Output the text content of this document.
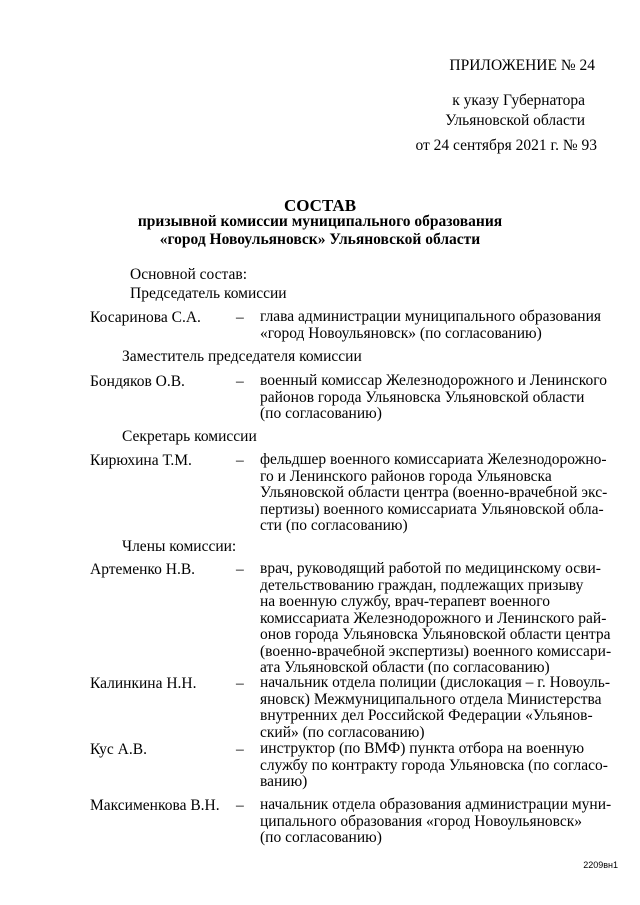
ПРИЛОЖЕНИЕ № 24
к указу Губернатора
Ульяновской области
от 24 сентября 2021 г. № 93
СОСТАВ
призывной комиссии муниципального образования
«город Новоульяновск» Ульяновской области
Основной состав:
Председатель комиссии
Косаринова С.А. – глава администрации муниципального образования
«город Новоульяновск» (по согласованию)
Заместитель председателя комиссии
Бондяков О.В.	– военный комиссар Железнодорожного и Ленинского
районов города Ульяновска Ульяновской области
(по согласованию)
Секретарь комиссии
Кирюхина Т.М.	– фельдшер военного комиссариата Железнодорожно-
го и Ленинского районов города Ульяновска
Ульяновской области центра (военно-врачебной экс-
пертизы) военного комиссариата Ульяновской обла-
сти (по согласованию)
Члены комиссии:
Артеменко Н.В.	– врач, руководящий работой по медицинскому осви-
детельствованию граждан, подлежащих призыву
на военную службу, врач-терапевт военного
комиссариата Железнодорожного и Ленинского рай-
онов города Ульяновска Ульяновской области центра
(военно-врачебной экспертизы) военного комиссари-
ата Ульяновской области (по согласованию)
Калинкина Н.Н.	– начальник отдела полиции (дислокация – г. Новоуль-
яновск) Межмуниципального отдела Министерства
внутренних дел Российской Федерации «Ульянов-
ский» (по согласованию)
Кус А.В.	– инструктор (по ВМФ) пункта отбора на военную
службу по контракту города Ульяновска (по согласо-
ванию)
Максименкова В.Н. – начальник отдела образования администрации муни-
ципального образования «город Новоульяновск»
(по согласованию)
2209вн1
